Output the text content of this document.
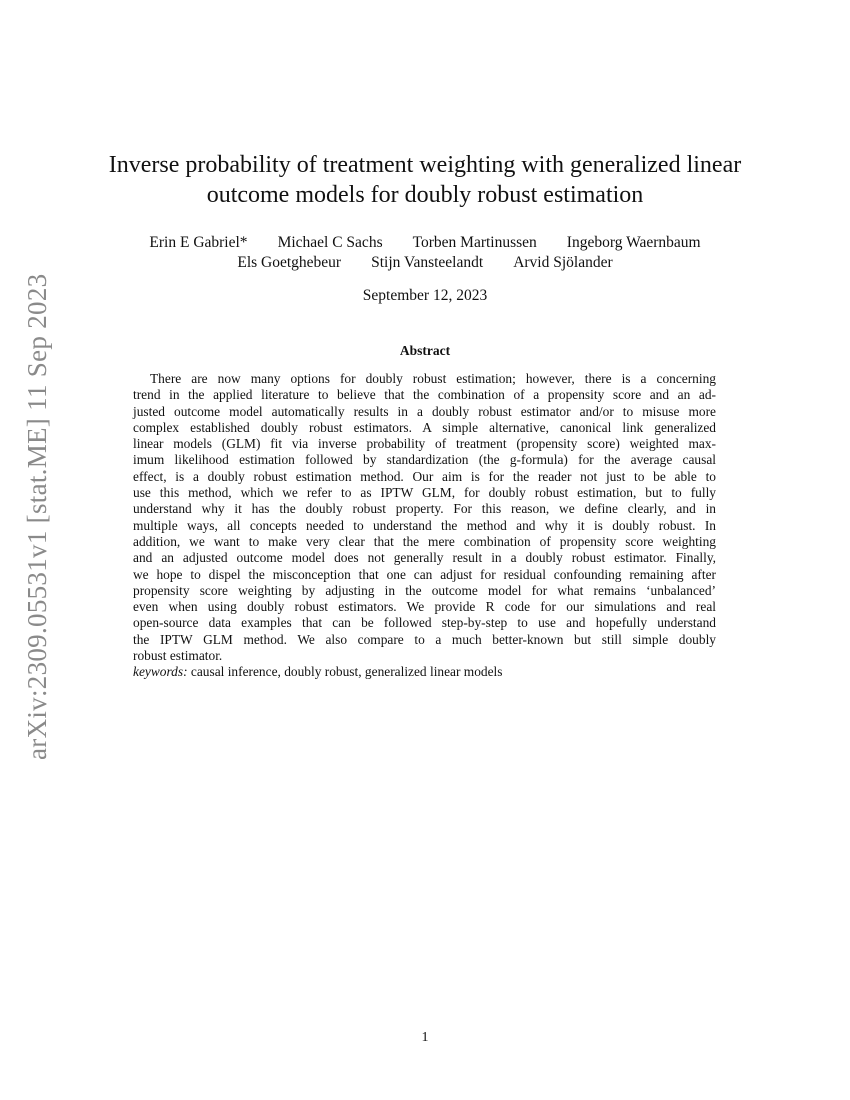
arXiv:2309.05531v1 [stat.ME] 11 Sep 2023
Inverse probability of treatment weighting with generalized linear
outcome models for doubly robust estimation
Erin E Gabriel* Michael C Sachs Torben Martinussen Ingeborg Waernbaum
Els Goetghebeur Stijn Vansteelandt Arvid Sjölander
September 12, 2023
Abstract
There are now many options for doubly robust estimation; however, there is a concerning
trend in the applied literature to believe that the combination of a propensity score and an ad-
justed outcome model automatically results in a doubly robust estimator and/or to misuse more
complex established doubly robust estimators. A simple alternative, canonical link generalized
linear models (GLM) fit via inverse probability of treatment (propensity score) weighted max-
imum likelihood estimation followed by standardization (the g-formula) for the average causal
effect, is a doubly robust estimation method. Our aim is for the reader not just to be able to
use this method, which we refer to as IPTW GLM, for doubly robust estimation, but to fully
understand why it has the doubly robust property. For this reason, we define clearly, and in
multiple ways, all concepts needed to understand the method and why it is doubly robust. In
addition, we want to make very clear that the mere combination of propensity score weighting
and an adjusted outcome model does not generally result in a doubly robust estimator. Finally,
we hope to dispel the misconception that one can adjust for residual confounding remaining after
propensity score weighting by adjusting in the outcome model for what remains ‘unbalanced’
even when using doubly robust estimators. We provide R code for our simulations and real
open-source data examples that can be followed step-by-step to use and hopefully understand
the IPTW GLM method. We also compare to a much better-known but still simple doubly
robust estimator.
keywords: causal inference, doubly robust, generalized linear models
1
